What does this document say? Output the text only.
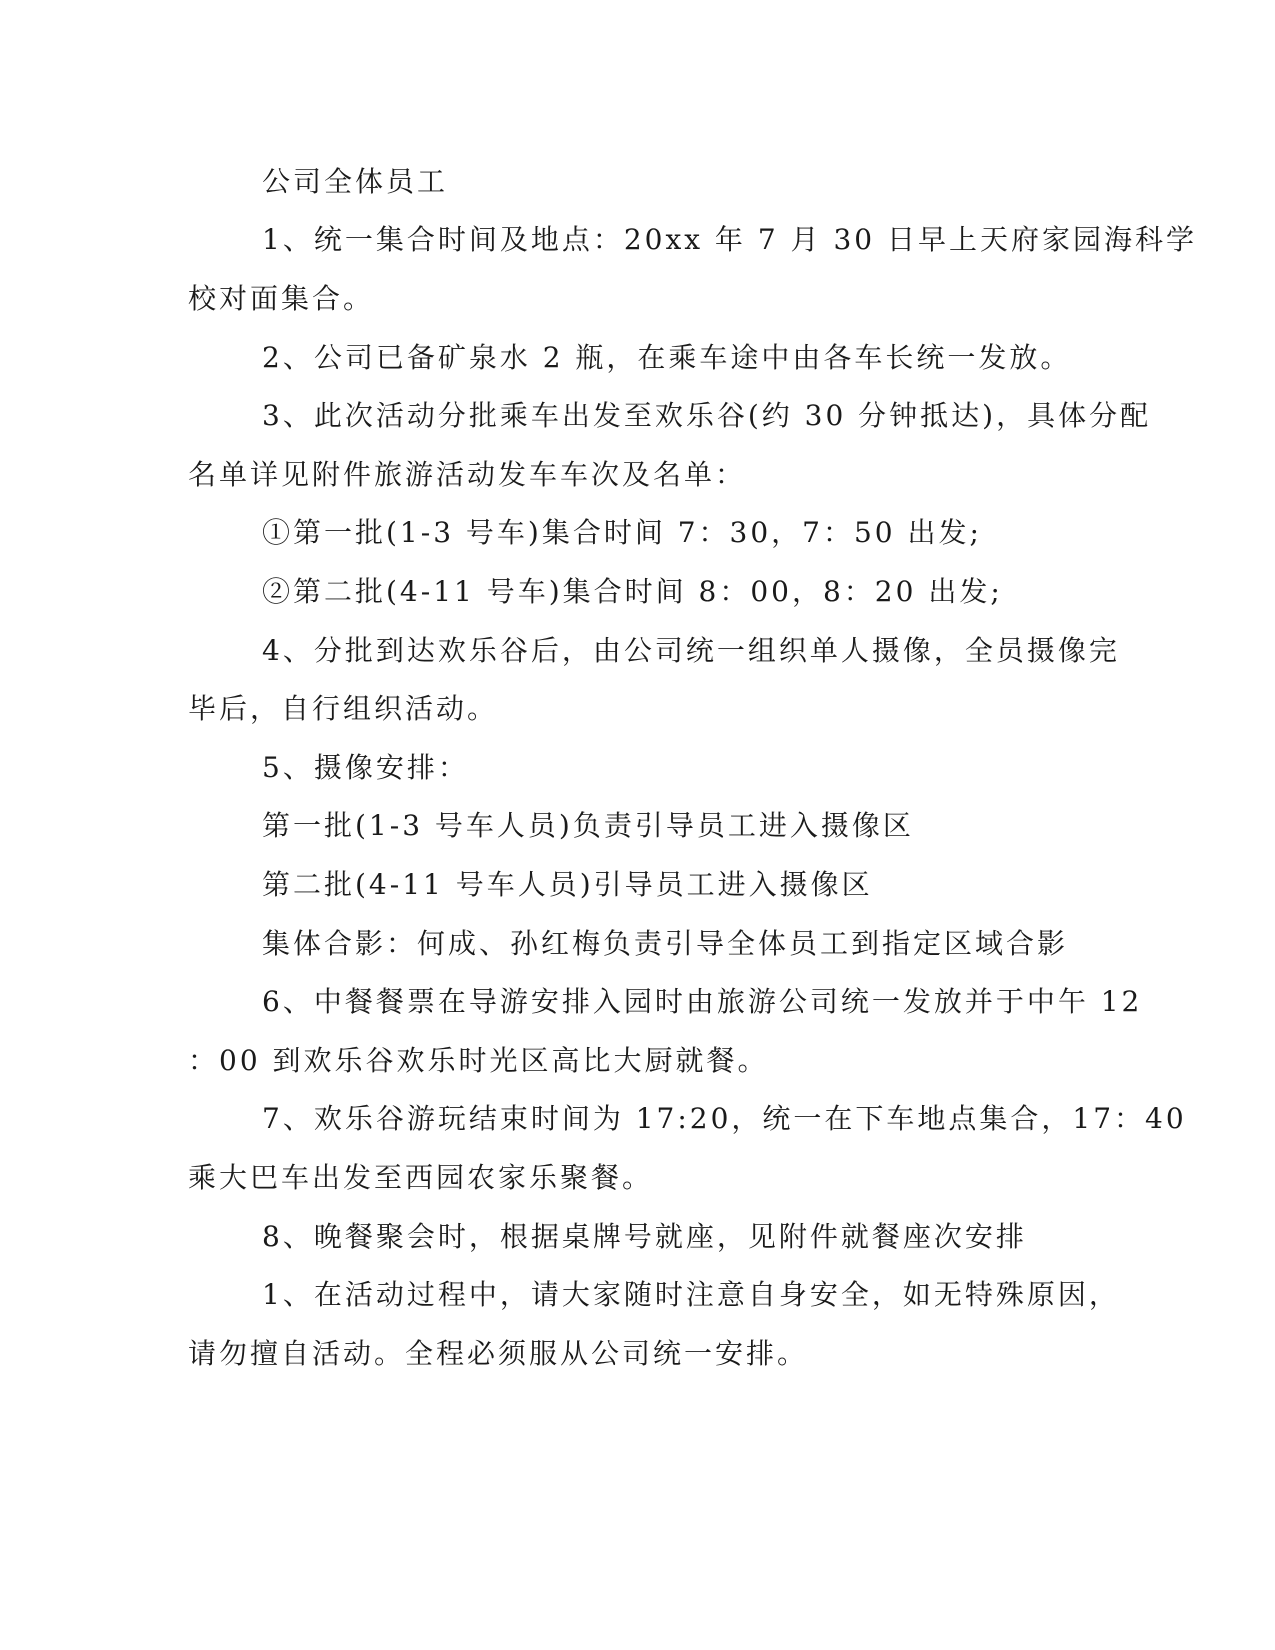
公司全体员工
1、统一集合时间及地点：20xx 年 7 月 30 日早上天府家园海科学
校对面集合。
2、公司已备矿泉水 2 瓶，在乘车途中由各车长统一发放。
3、此次活动分批乘车出发至欢乐谷(约 30 分钟抵达)，具体分配
名单详见附件旅游活动发车车次及名单：
①第一批(1-3 号车)集合时间 7：30，7：50 出发;
②第二批(4-11 号车)集合时间 8：00，8：20 出发;
4、分批到达欢乐谷后，由公司统一组织单人摄像，全员摄像完
毕后，自行组织活动。
5、摄像安排：
第一批(1-3 号车人员)负责引导员工进入摄像区
第二批(4-11 号车人员)引导员工进入摄像区
集体合影：何成、孙红梅负责引导全体员工到指定区域合影
6、中餐餐票在导游安排入园时由旅游公司统一发放并于中午 12
：00 到欢乐谷欢乐时光区高比大厨就餐。
7、欢乐谷游玩结束时间为 17:20，统一在下车地点集合，17：40
乘大巴车出发至西园农家乐聚餐。
8、晚餐聚会时，根据桌牌号就座，见附件就餐座次安排
1、在活动过程中，请大家随时注意自身安全，如无特殊原因，
请勿擅自活动。全程必须服从公司统一安排。
